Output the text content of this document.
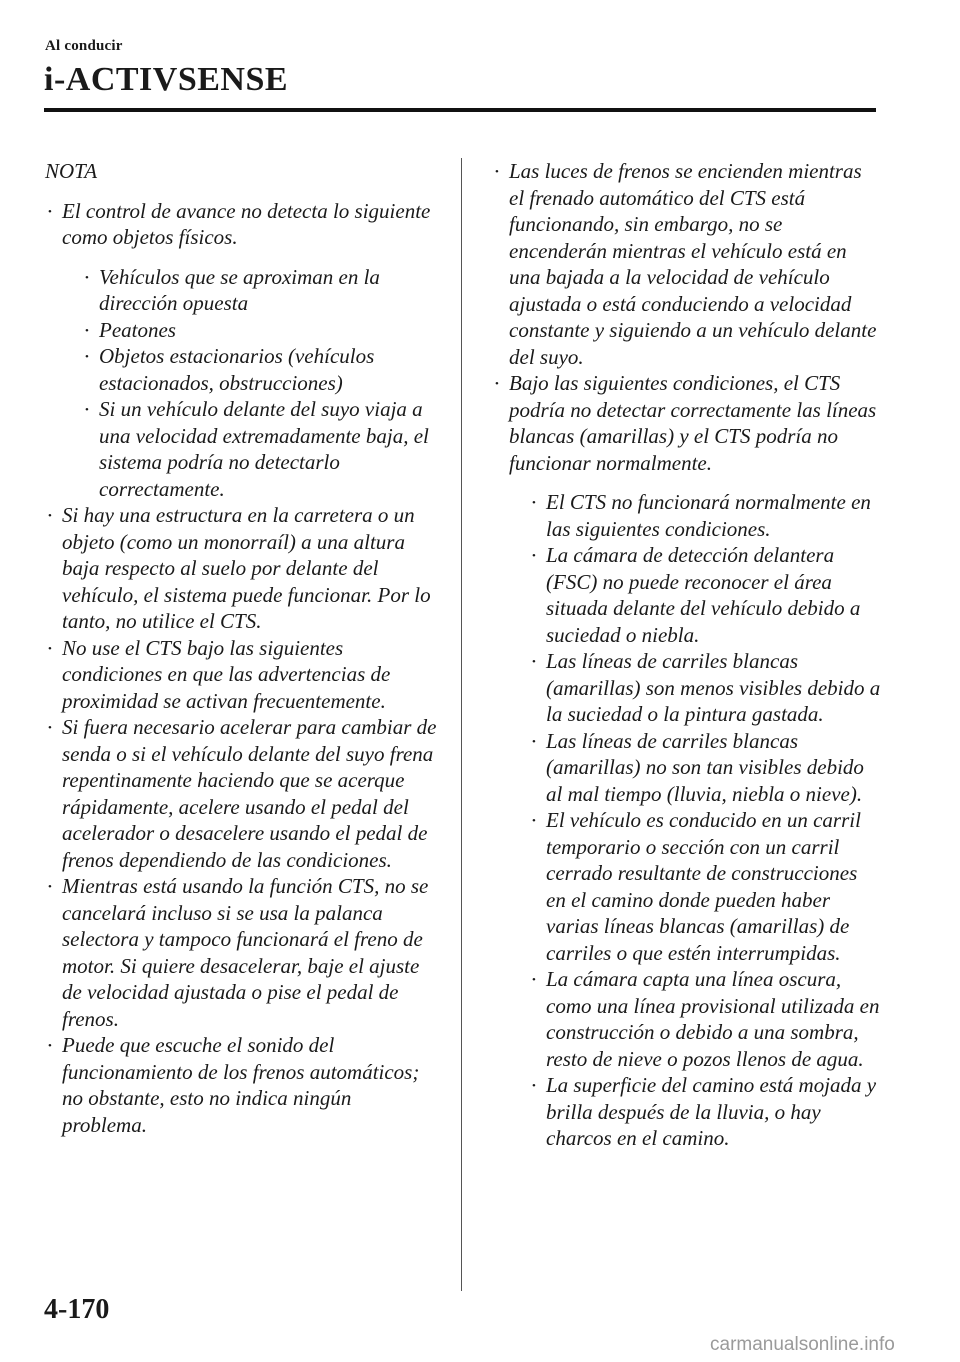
Al conducir
i-ACTIVSENSE
NOTA
• El control de avance no detecta lo siguiente como objetos físicos.
• Vehículos que se aproximan en la dirección opuesta
• Peatones
• Objetos estacionarios (vehículos estacionados, obstrucciones)
• Si un vehículo delante del suyo viaja a una velocidad extremadamente baja, el sistema podría no detectarlo correctamente.
• Si hay una estructura en la carretera o un objeto (como un monorraíl) a una altura baja respecto al suelo por delante del vehículo, el sistema puede funcionar. Por lo tanto, no utilice el CTS.
• No use el CTS bajo las siguientes condiciones en que las advertencias de proximidad se activan frecuentemente.
• Si fuera necesario acelerar para cambiar de senda o si el vehículo delante del suyo frena repentinamente haciendo que se acerque rápidamente, acelere usando el pedal del acelerador o desacelere usando el pedal de frenos dependiendo de las condiciones.
• Mientras está usando la función CTS, no se cancelará incluso si se usa la palanca selectora y tampoco funcionará el freno de motor. Si quiere desacelerar, baje el ajuste de velocidad ajustada o pise el pedal de frenos.
• Puede que escuche el sonido del funcionamiento de los frenos automáticos; no obstante, esto no indica ningún problema.
• Las luces de frenos se encienden mientras el frenado automático del CTS está funcionando, sin embargo, no se encenderán mientras el vehículo está en una bajada a la velocidad de vehículo ajustada o está conduciendo a velocidad constante y siguiendo a un vehículo delante del suyo.
• Bajo las siguientes condiciones, el CTS podría no detectar correctamente las líneas blancas (amarillas) y el CTS podría no funcionar normalmente.
• El CTS no funcionará normalmente en las siguientes condiciones.
• La cámara de detección delantera (FSC) no puede reconocer el área situada delante del vehículo debido a suciedad o niebla.
• Las líneas de carriles blancas (amarillas) son menos visibles debido a la suciedad o la pintura gastada.
• Las líneas de carriles blancas (amarillas) no son tan visibles debido al mal tiempo (lluvia, niebla o nieve).
• El vehículo es conducido en un carril temporario o sección con un carril cerrado resultante de construcciones en el camino donde pueden haber varias líneas blancas (amarillas) de carriles o que estén interrumpidas.
• La cámara capta una línea oscura, como una línea provisional utilizada en construcción o debido a una sombra, resto de nieve o pozos llenos de agua.
• La superficie del camino está mojada y brilla después de la lluvia, o hay charcos en el camino.
4-170
carmanualsonline.info
